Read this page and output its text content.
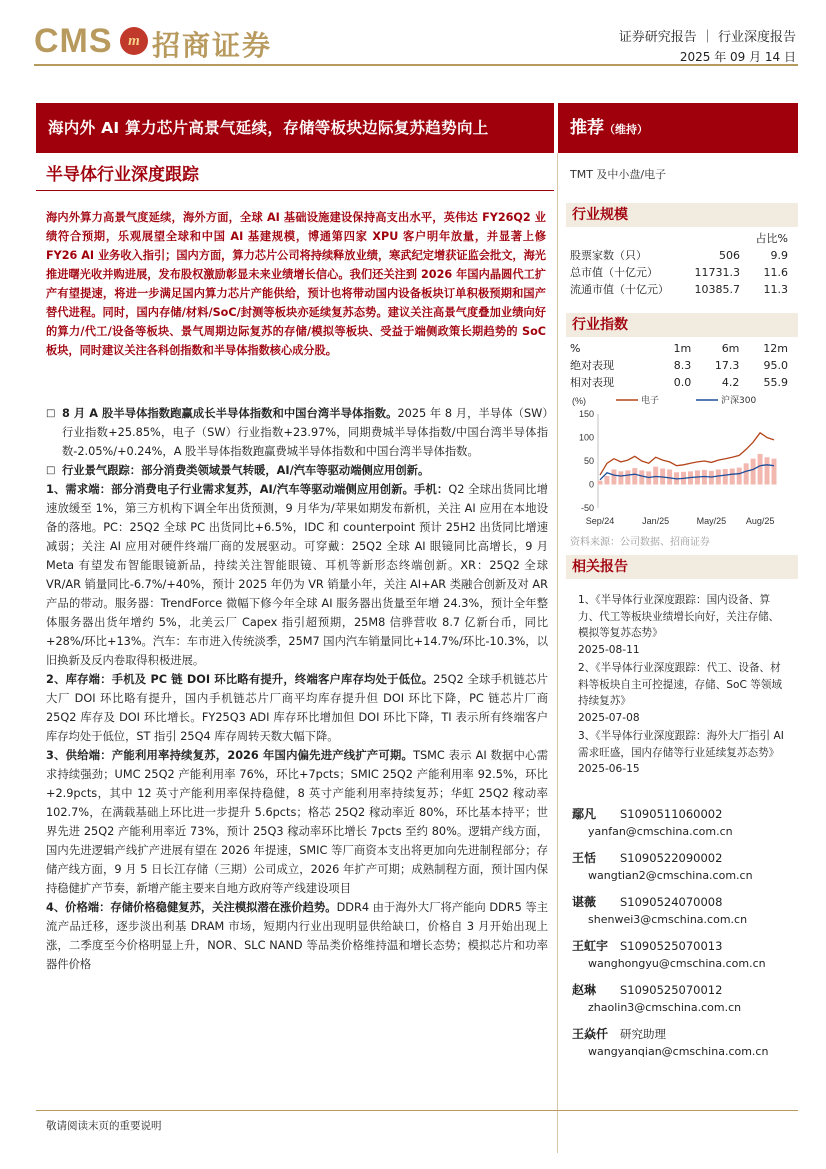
CMS	m 招商证券	证券研究报告 ｜ 行业深度报告
2025 年 09 月 14 日
海内外 AI 算力芯片高景气延续，存储等板块边际复苏趋势向上	推荐（维持）
半导体行业深度跟踪
海内外算力高景气度延续，海外方面，全球 AI 基础设施建设保持高支出水平，英伟达 FY26Q2 业绩符合预期，乐观展望全球和中国 AI 基建规模，博通第四家 XPU 客户明年放量，并显著上修 FY26 AI 业务收入指引；国内方面，算力芯片公司将持续释放业绩，寒武纪定增获证监会批文，海光推进曙光收并购进展，发布股权激励彰显未来业绩增长信心。我们还关注到 2026 年国内晶圆代工扩产有望提速，将进一步满足国内算力芯片产能供给，预计也将带动国内设备板块订单积极预期和国产替代进程。同时，国内存储/材料/SoC/封测等板块亦延续复苏态势。建议关注高景气度叠加业绩向好的算力/代工/设备等板块、景气周期边际复苏的存储/模拟等板块、受益于端侧政策长期趋势的 SoC 板块，同时建议关注各科创指数和半导体指数核心成分股。

□ 8 月 A 股半导体指数跑赢成长半导体指数和中国台湾半导体指数。2025 年 8 月，半导体（SW）行业指数+25.85%，电子（SW）行业指数+23.97%，同期费城半导体指数/中国台湾半导体指数-2.05%/+0.24%，A 股半导体指数跑赢费城半导体指数和中国台湾半导体指数。

□ 行业景气跟踪：部分消费类领域景气转暖，AI/汽车等驱动端侧应用创新。

1、需求端：部分消费电子行业需求复苏，AI/汽车等驱动端侧应用创新。手机：Q2 全球出货同比增速放缓至 1%，第三方机构下调全年出货预测，9 月华为/苹果如期发布新机，关注 AI 应用在本地设备的落地。PC：25Q2 全球 PC 出货同比+6.5%，IDC 和 counterpoint 预计 25H2 出货同比增速减弱；关注 AI 应用对硬件终端厂商的发展驱动。可穿戴：25Q2 全球 AI 眼镜同比高增长，9 月 Meta 有望发布智能眼镜新品，持续关注智能眼镜、耳机等新形态终端创新。XR：25Q2 全球 VR/AR 销量同比-6.7%/+40%，预计 2025 年仍为 VR 销量小年，关注 AI+AR 类融合创新及对 AR 产品的带动。服务器：TrendForce 微幅下修今年全球 AI 服务器出货量至年增 24.3%，预计全年整体服务器出货年增约 5%，北美云厂 Capex 指引超预期，25M8 信骅营收 8.7 亿新台币，同比+28%/环比+13%。汽车：车市进入传统淡季，25M7 国内汽车销量同比+14.7%/环比-10.3%，以旧换新及反内卷取得积极进展。

2、库存端：手机及 PC 链 DOI 环比略有提升，终端客户库存均处于低位。25Q2 全球手机链芯片大厂 DOI 环比略有提升，国内手机链芯片厂商平均库存提升但 DOI 环比下降，PC 链芯片厂商 25Q2 库存及 DOI 环比增长。FY25Q3 ADI 库存环比增加但 DOI 环比下降，TI 表示所有终端客户库存均处于低位，ST 指引 25Q4 库存周转天数大幅下降。

3、供给端：产能利用率持续复苏，2026 年国内偏先进产线扩产可期。TSMC 表示 AI 数据中心需求持续强劲；UMC 25Q2 产能利用率 76%，环比+7pcts；SMIC 25Q2 产能利用率 92.5%，环比+2.9pcts，其中 12 英寸产能利用率保持稳健，8 英寸产能利用率持续复苏；华虹 25Q2 稼动率 102.7%，在满载基础上环比进一步提升 5.6pcts；格芯 25Q2 稼动率近 80%，环比基本持平；世界先进 25Q2 产能利用率近 73%，预计 25Q3 稼动率环比增长 7pcts 至约 80%。逻辑产线方面，国内先进逻辑产线扩产进展有望在 2026 年提速，SMIC 等厂商资本支出将更加向先进制程部分；存储产线方面，9 月 5 日长江存储（三期）公司成立，2026 年扩产可期；成熟制程方面，预计国内保持稳健扩产节奏，新增产能主要来自地方政府等产线建设项目

4、价格端：存储价格稳健复苏，关注模拟潜在涨价趋势。DDR4 由于海外大厂将产能向 DDR5 等主流产品迁移，逐步淡出利基 DRAM 市场，短期内行业出现明显供给缺口，价格自 3 月开始出现上涨，二季度至今价格明显上升，NOR、SLC NAND 等品类价格维持温和增长态势；模拟芯片和功率器件价格

TMT 及中小盘/电子
行业规模
占比%
股票家数（只）	506	9.9
总市值（十亿元）	11731.3	11.6
流通市值（十亿元）	10385.7	11.3
行业指数
%	1m	6m	12m
绝对表现	8.3	17.3	95.0
相对表现	0.0	4.2	55.9
(%)
150
100
50
0
-50
电子	沪深300
Sep/24	Jan/25	May/25 Aug/25
资料来源：公司数据、招商证券
相关报告
1、《半导体行业深度跟踪：国内设备、算力、代工等板块业绩增长向好，关注存储、模拟等复苏态势》
2025-08-11
2、《半导体行业深度跟踪：代工、设备、材料等板块自主可控提速，存储、SoC 等领域持续复苏》
2025-07-08
3、《半导体行业深度跟踪：海外大厂指引 AI 需求旺盛，国内存储等行业延续复苏态势》
2025-06-15
鄢凡 S1090511060002
yanfan@cmschina.com.cn
王恬 S1090522090002
wangtian2@cmschina.com.cn
谌薇 S1090524070008
shenwei3@cmschina.com.cn
王虹宇 S1090525070013
wanghongyu@cmschina.com.cn
赵琳 S1090525070012
zhaolin3@cmschina.com.cn
王焱仟 研究助理
wangyanqian@cmschina.com.cn
敬请阅读末页的重要说明
